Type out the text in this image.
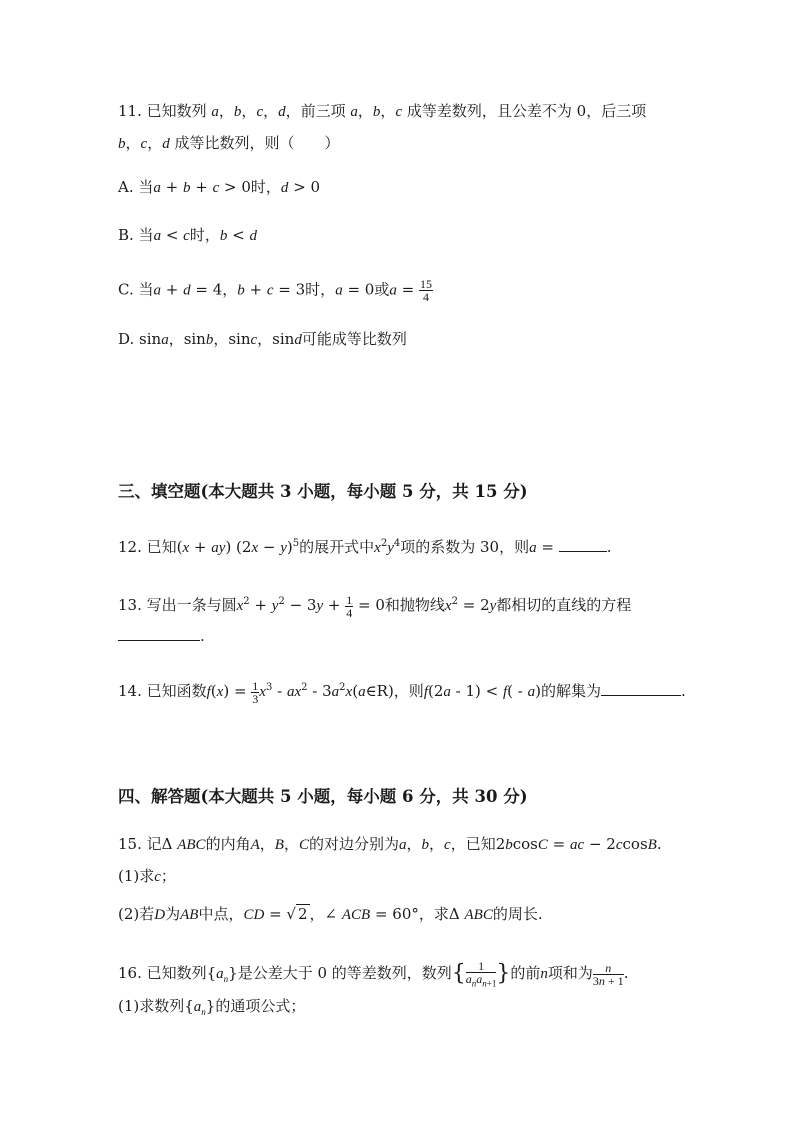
11. 已知数列 a，b，c，d，前三项 a，b，c 成等差数列，且公差不为 0，后三项
b，c，d 成等比数列，则（　　）
A. 当a + b + c > 0时，d > 0
B. 当a < c时，b < d
C. 当a + d = 4，b + c = 3时，a = 0或$a = \frac{15}{4}$
D. sina，sinb，sinc，sind可能成等比数列
三、填空题(本大题共 3 小题，每小题 5 分，共 15 分)
12. 已知(x + ay) $(2x - y)^5$的展开式中$x^2y^4$项的系数为 30，则a =	.
13. 写出一条与圆$x^2 + y^2 - 3y + \frac{1}{4} = 0$和抛物线$x^2 = 2y$都相切的直线的方程
.
14. 已知函数$f(x) = \frac{1}{3} x^3 - ax^2$ - $3a^2x(a\in R)$，则f(2a - 1) < f( - a)的解集为	.
四、解答题(本大题共 5 小题，每小题 6 分，共 30 分)
15. 记Δ ABC的内角A，B，C的对边分别为a，b，c，已知2bcosC = ac − 2ccosB.
(1)求c；
(2)若D为AB中点，CD = √ 2 ，∠ ACB = 60°，求Δ ABC的周长.
16. 已知数列$\{a_n\}$是公差大于 0 的等差数列，数列{ $\frac{1}{a_na_{n+1}}$ }的前n项和为 $\frac{n}{3n + 1}$ .
(1)求数列$\{a_n\}$的通项公式；
